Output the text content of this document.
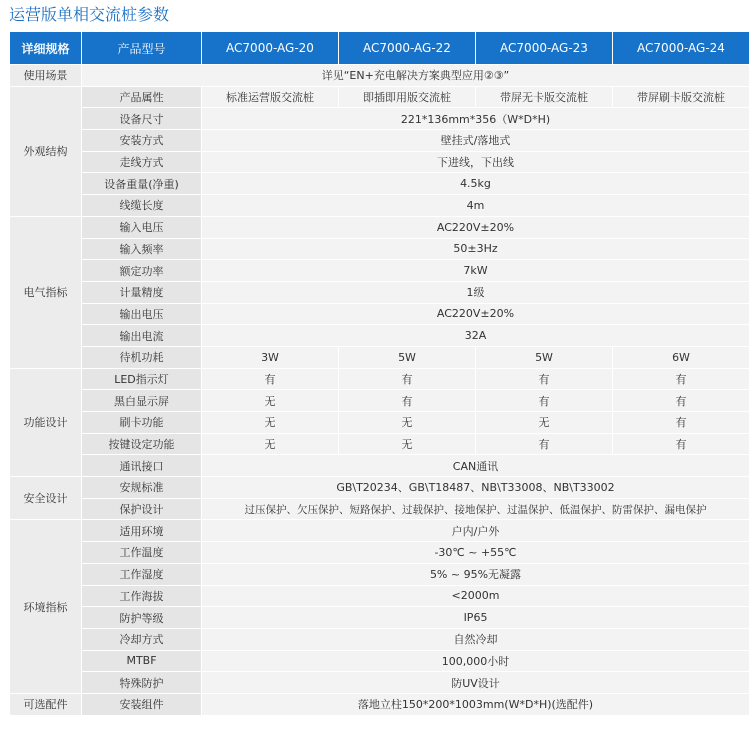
运营版单相交流桩参数
详细规格	产品型号	AC7000-AG-20	AC7000-AG-22	AC7000-AG-23	AC7000-AG-24
使用场景	详见“EN+充电解决方案典型应用②③”				
外观结构	产品属性	标准运营版交流桩	即插即用版交流桩	带屏无卡版交流桩	带屏刷卡版交流桩
	设备尺寸	221*136mm*356（W*D*H)			
	安装方式	壁挂式/落地式			
	走线方式	下进线，下出线			
	设备重量(净重)	4.5kg			
	线缆长度	4m			
电气指标	输入电压	AC220V±20%			
	输入频率	50±3Hz			
	额定功率	7kW			
	计量精度	1级			
	输出电压	AC220V±20%			
	输出电流	32A			
	待机功耗	3W	5W	5W	6W
功能设计	LED指示灯	有	有	有	有
	黑白显示屏	无	有	有	有
	刷卡功能	无	无	无	有
	按键设定功能	无	无	有	有
	通讯接口	CAN通讯			
安全设计	安规标准	GB\T20234、GB\T18487、NB\T33008、NB\T33002			
	保护设计	过压保护、欠压保护、短路保护、过载保护、接地保护、过温保护、低温保护、防雷保护、漏电保护			
环境指标	适用环境	户内/户外			
	工作温度	-30℃ ~ +55℃			
	工作湿度	5% ~ 95%无凝露			
	工作海拔	<2000m			
	防护等级	IP65			
	冷却方式	自然冷却			
	MTBF	100,000小时			
	特殊防护	防UV设计			
可选配件	安装组件	落地立柱150*200*1003mm(W*D*H)(选配件)			
